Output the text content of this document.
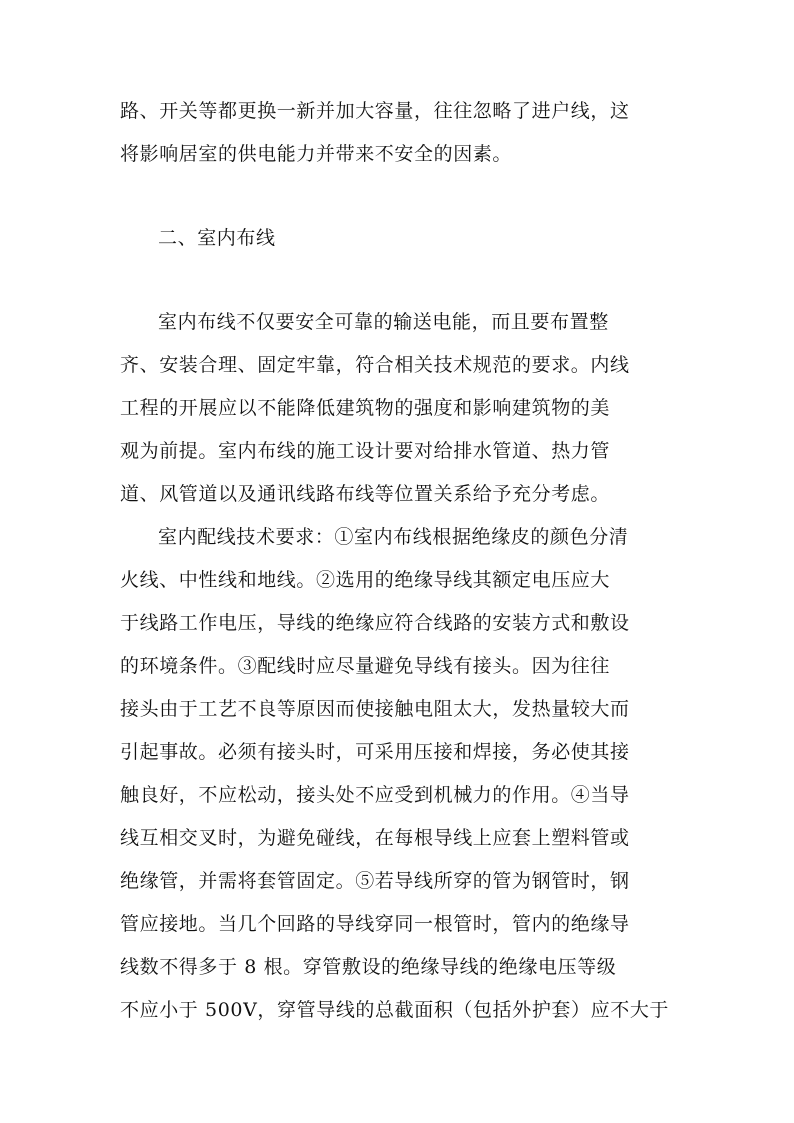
路、开关等都更换一新并加大容量，往往忽略了进户线，这
将影响居室的供电能力并带来不安全的因素。
二、室内布线
室内布线不仅要安全可靠的输送电能，而且要布置整
齐、安装合理、固定牢靠，符合相关技术规范的要求。内线
工程的开展应以不能降低建筑物的强度和影响建筑物的美
观为前提。室内布线的施工设计要对给排水管道、热力管
道、风管道以及通讯线路布线等位置关系给予充分考虑。
室内配线技术要求：①室内布线根据绝缘皮的颜色分清
火线、中性线和地线。②选用的绝缘导线其额定电压应大
于线路工作电压，导线的绝缘应符合线路的安装方式和敷设
的环境条件。③配线时应尽量避免导线有接头。因为往往
接头由于工艺不良等原因而使接触电阻太大，发热量较大而
引起事故。必须有接头时，可采用压接和焊接，务必使其接
触良好，不应松动，接头处不应受到机械力的作用。④当导
线互相交叉时，为避免碰线，在每根导线上应套上塑料管或
绝缘管，并需将套管固定。⑤若导线所穿的管为钢管时，钢
管应接地。当几个回路的导线穿同一根管时，管内的绝缘导
线数不得多于 8 根。穿管敷设的绝缘导线的绝缘电压等级
不应小于 500V，穿管导线的总截面积（包括外护套）应不大于
